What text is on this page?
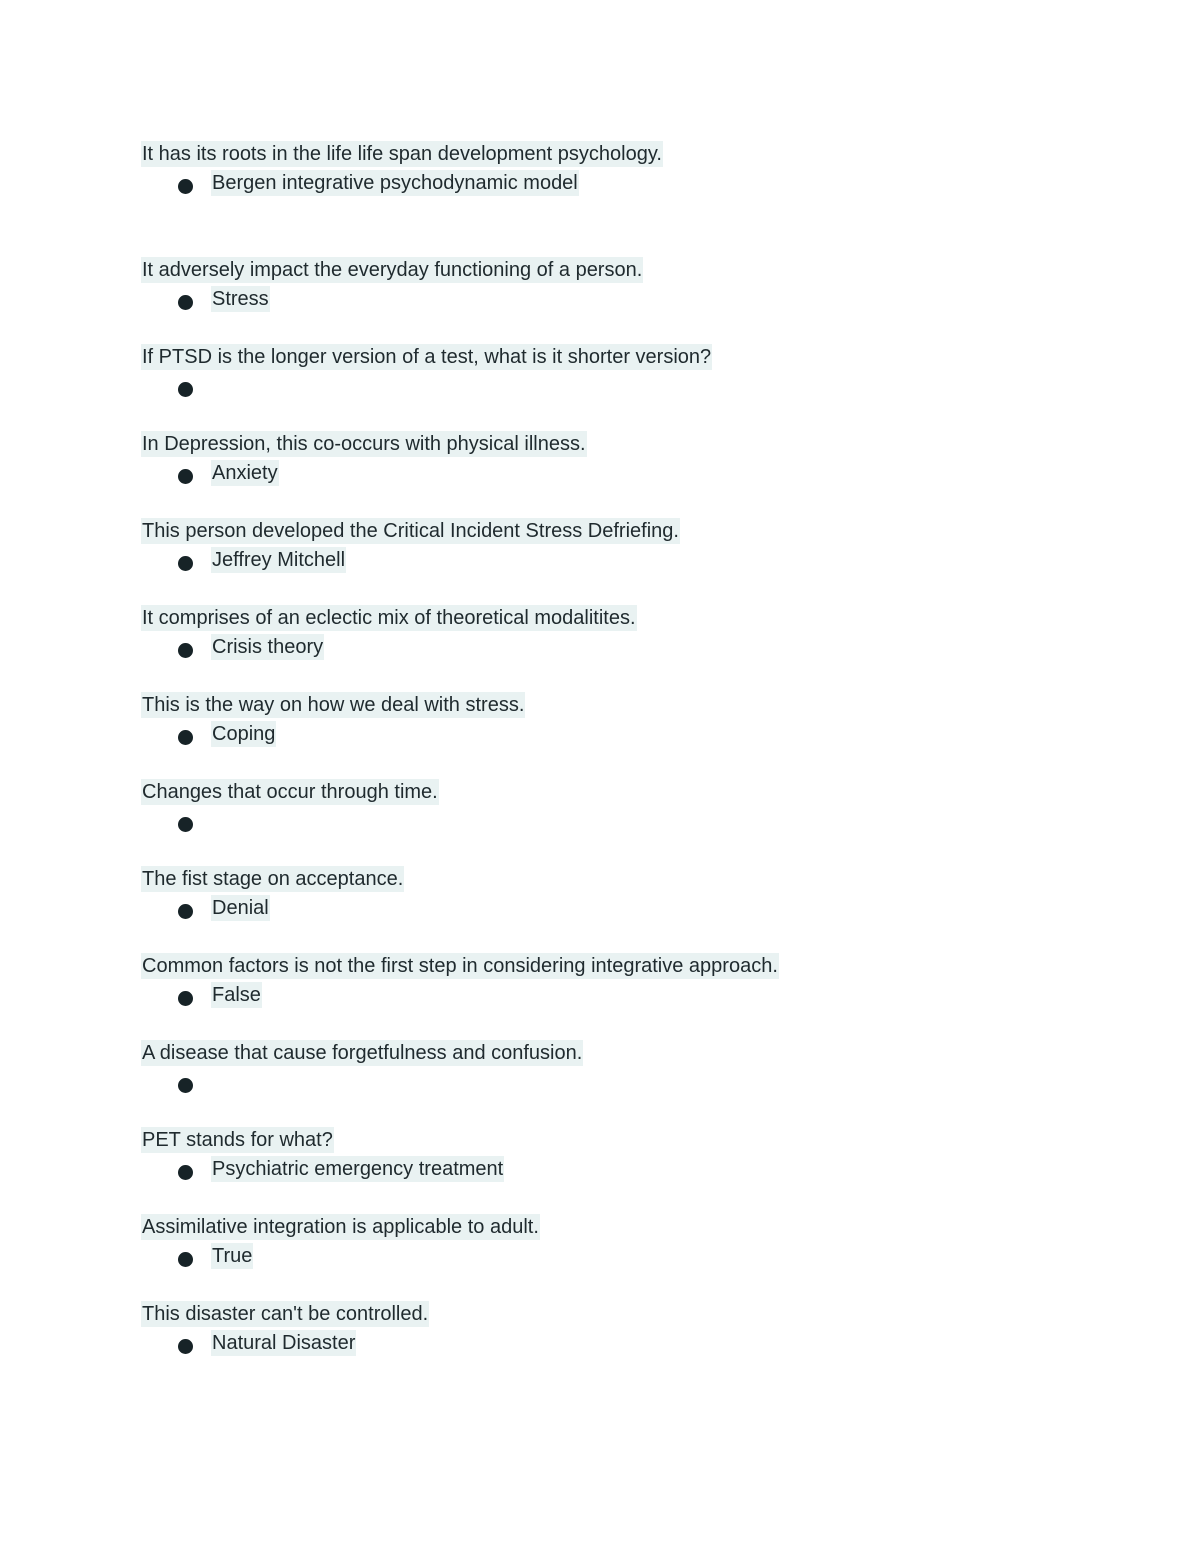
It has its roots in the life life span development psychology.
Bergen integrative psychodynamic model
It adversely impact the everyday functioning of a person.
Stress
If PTSD is the longer version of a test, what is it shorter version?
In Depression, this co-occurs with physical illness.
Anxiety
This person developed the Critical Incident Stress Defriefing.
Jeffrey Mitchell
It comprises of an eclectic mix of theoretical modalitites.
Crisis theory
This is the way on how we deal with stress.
Coping
Changes that occur through time.
The fist stage on acceptance.
Denial
Common factors is not the first step in considering integrative approach.
False
A disease that cause forgetfulness and confusion.
PET stands for what?
Psychiatric emergency treatment
Assimilative integration is applicable to adult.
True
This disaster can't be controlled.
Natural Disaster
